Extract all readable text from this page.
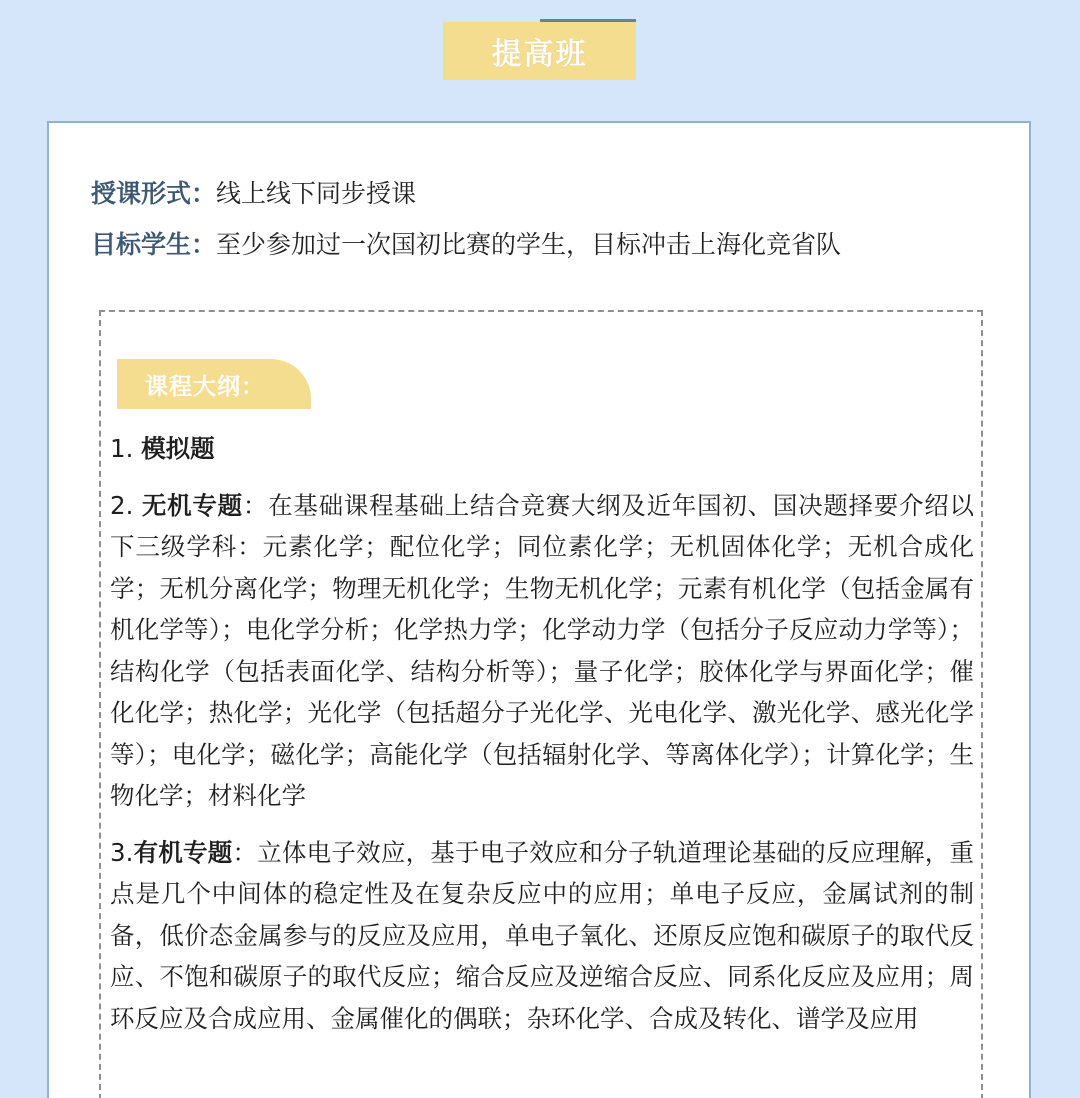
提高班
授课形式：线上线下同步授课
目标学生：至少参加过一次国初比赛的学生，目标冲击上海化竞省队
课程大纲：

1. 模拟题

2. 无机专题：在基础课程基础上结合竞赛大纲及近年国初、国决题择要介绍以下三级学科：元素化学；配位化学；同位素化学；无机固体化学；无机合成化学；无机分离化学；物理无机化学；生物无机化学；元素有机化学（包括金属有机化学等）；电化学分析；化学热力学；化学动力学（包括分子反应动力学等）；结构化学（包括表面化学、结构分析等）；量子化学；胶体化学与界面化学；催化化学；热化学；光化学（包括超分子光化学、光电化学、激光化学、感光化学等）；电化学；磁化学；高能化学（包括辐射化学、等离体化学）；计算化学；生物化学；材料化学

3.有机专题：立体电子效应，基于电子效应和分子轨道理论基础的反应理解，重点是几个中间体的稳定性及在复杂反应中的应用；单电子反应，金属试剂的制备，低价态金属参与的反应及应用，单电子氧化、还原反应饱和碳原子的取代反应、不饱和碳原子的取代反应；缩合反应及逆缩合反应、同系化反应及应用；周环反应及合成应用、金属催化的偶联；杂环化学、合成及转化、谱学及应用
